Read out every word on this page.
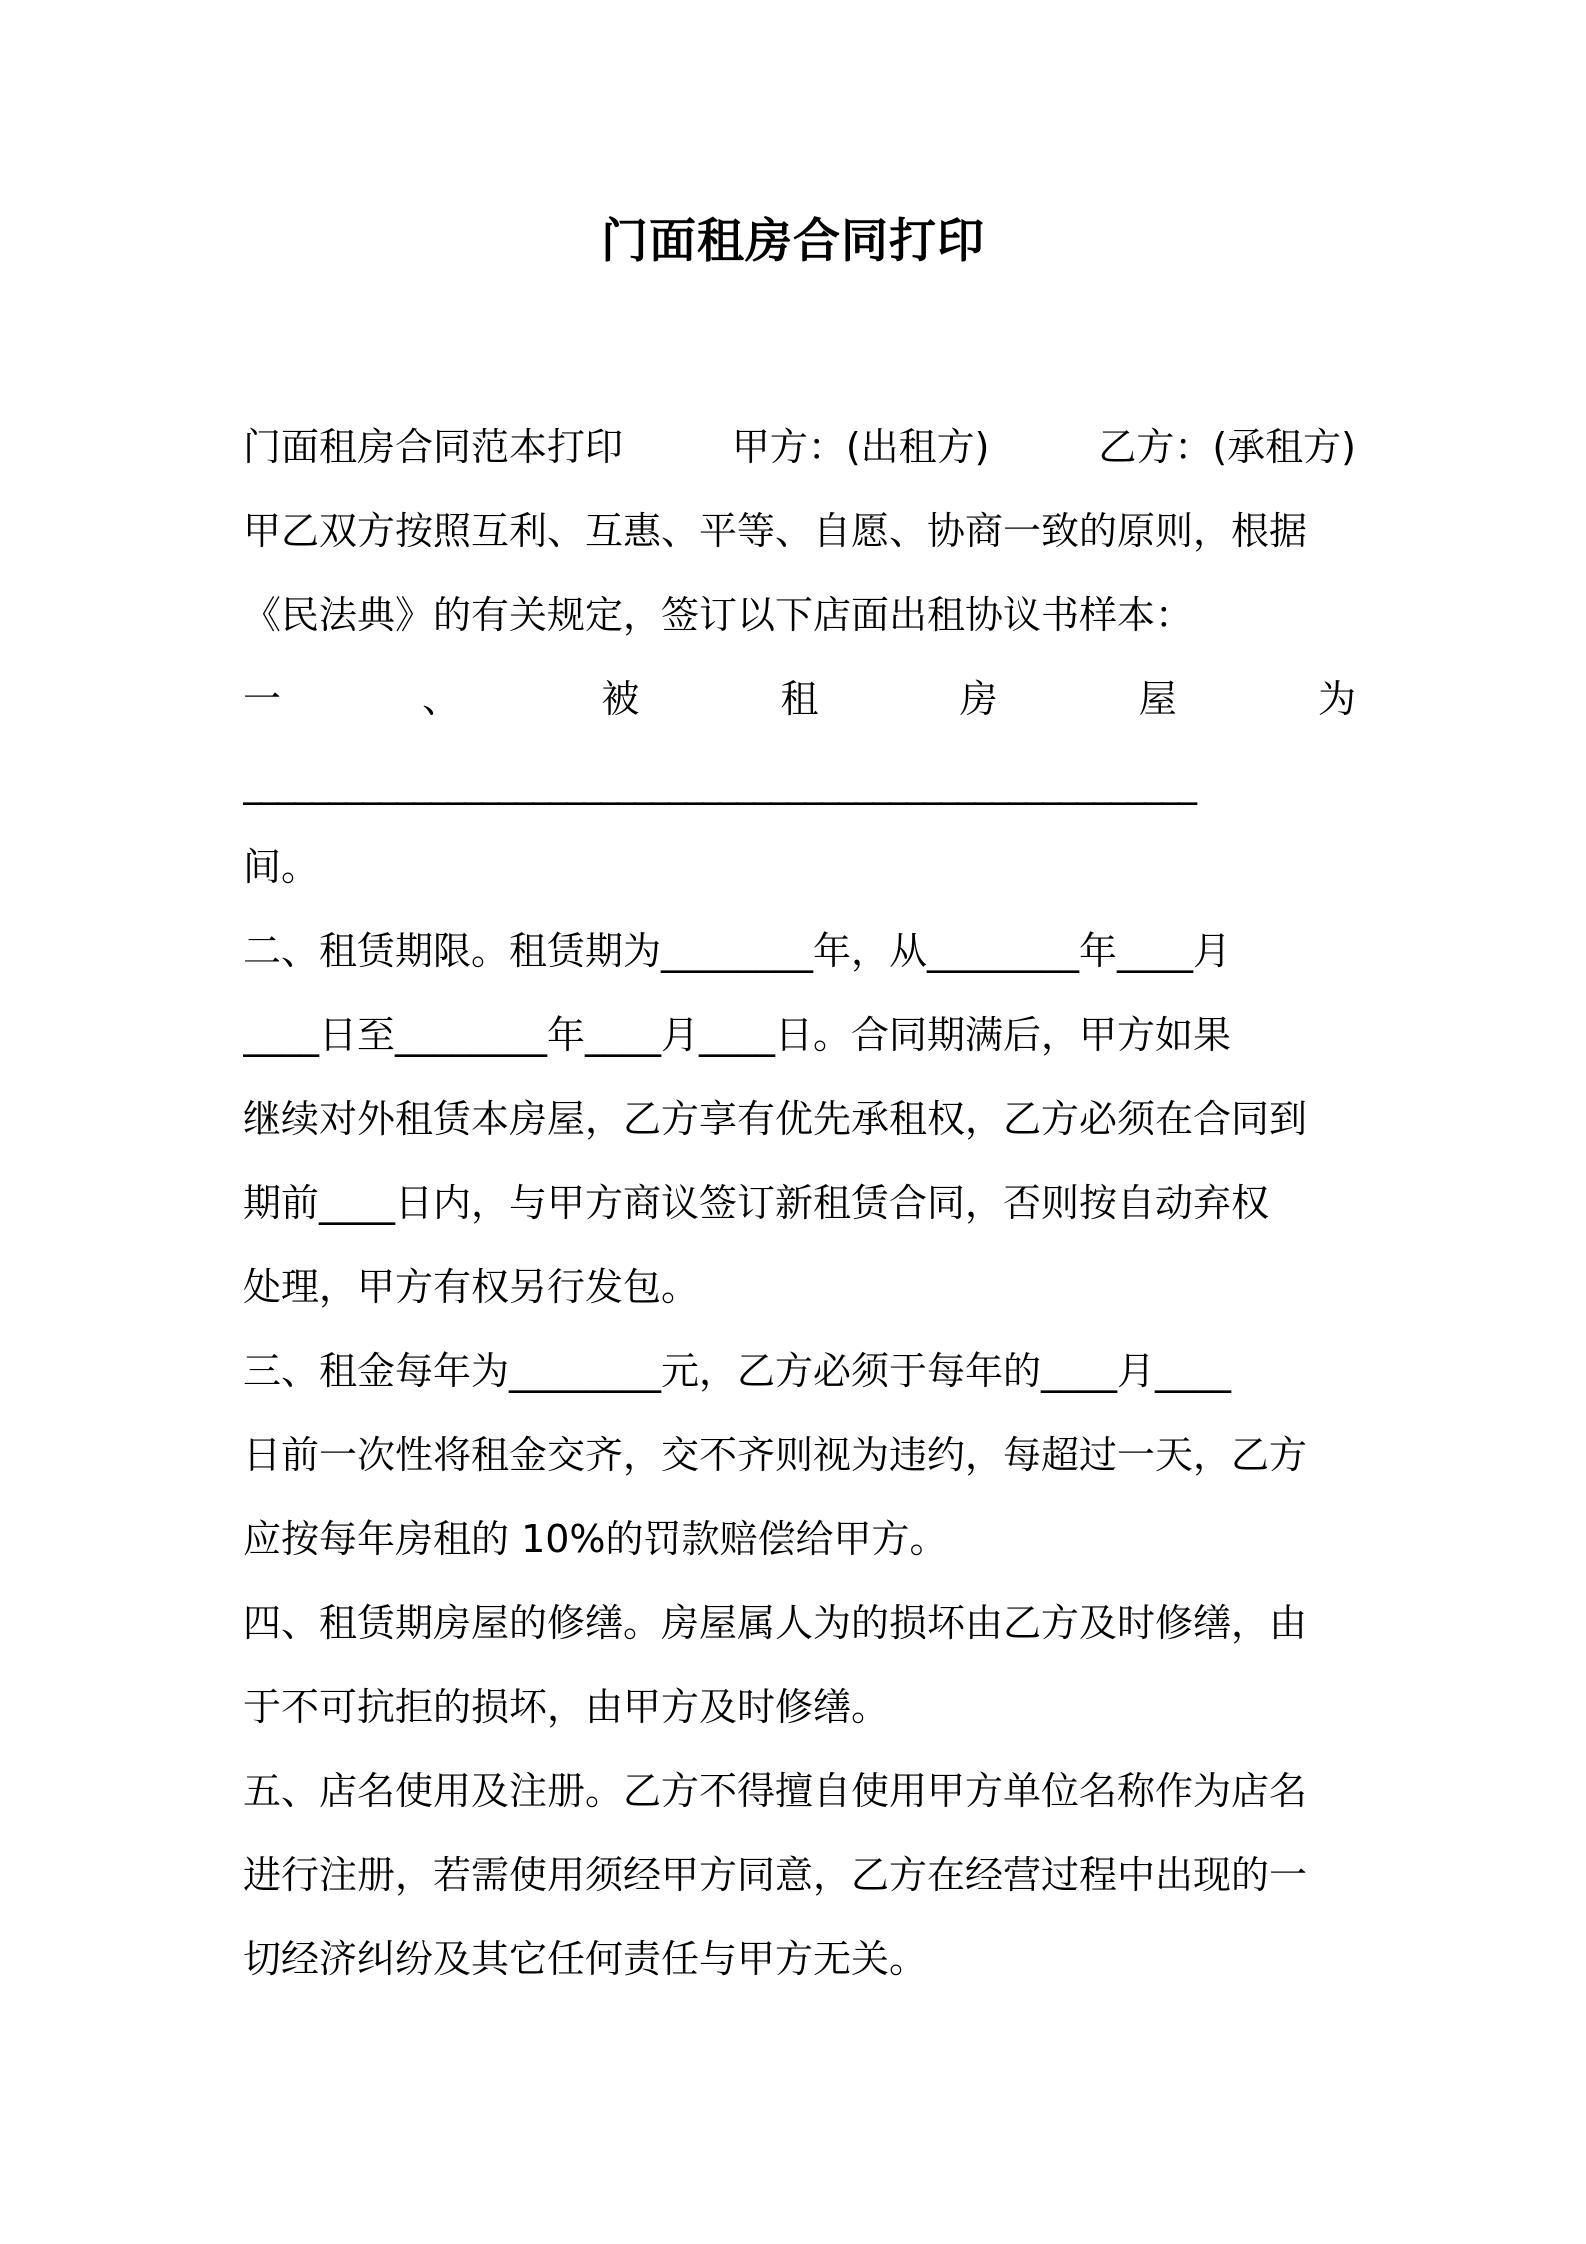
门面租房合同打印
门面租房合同范本打印	甲方：(出租方)	乙方：(承租方)
甲乙双方按照互利、互惠、平等、自愿、协商一致的原则，根据
《民法典》的有关规定，签订以下店面出租协议书样本：
一	、	被	租	房	屋	为
________________________________________________________
间。
二、租赁期限。租赁期为________年，从________年____月
____日至________年____月____日。合同期满后，甲方如果
继续对外租赁本房屋，乙方享有优先承租权，乙方必须在合同到
期前____日内，与甲方商议签订新租赁合同，否则按自动弃权
处理，甲方有权另行发包。
三、租金每年为________元，乙方必须于每年的____月____
日前一次性将租金交齐，交不齐则视为违约，每超过一天，乙方
应按每年房租的 10%的罚款赔偿给甲方。
四、租赁期房屋的修缮。房屋属人为的损坏由乙方及时修缮，由
于不可抗拒的损坏，由甲方及时修缮。
五、店名使用及注册。乙方不得擅自使用甲方单位名称作为店名
进行注册，若需使用须经甲方同意，乙方在经营过程中出现的一
切经济纠纷及其它任何责任与甲方无关。
